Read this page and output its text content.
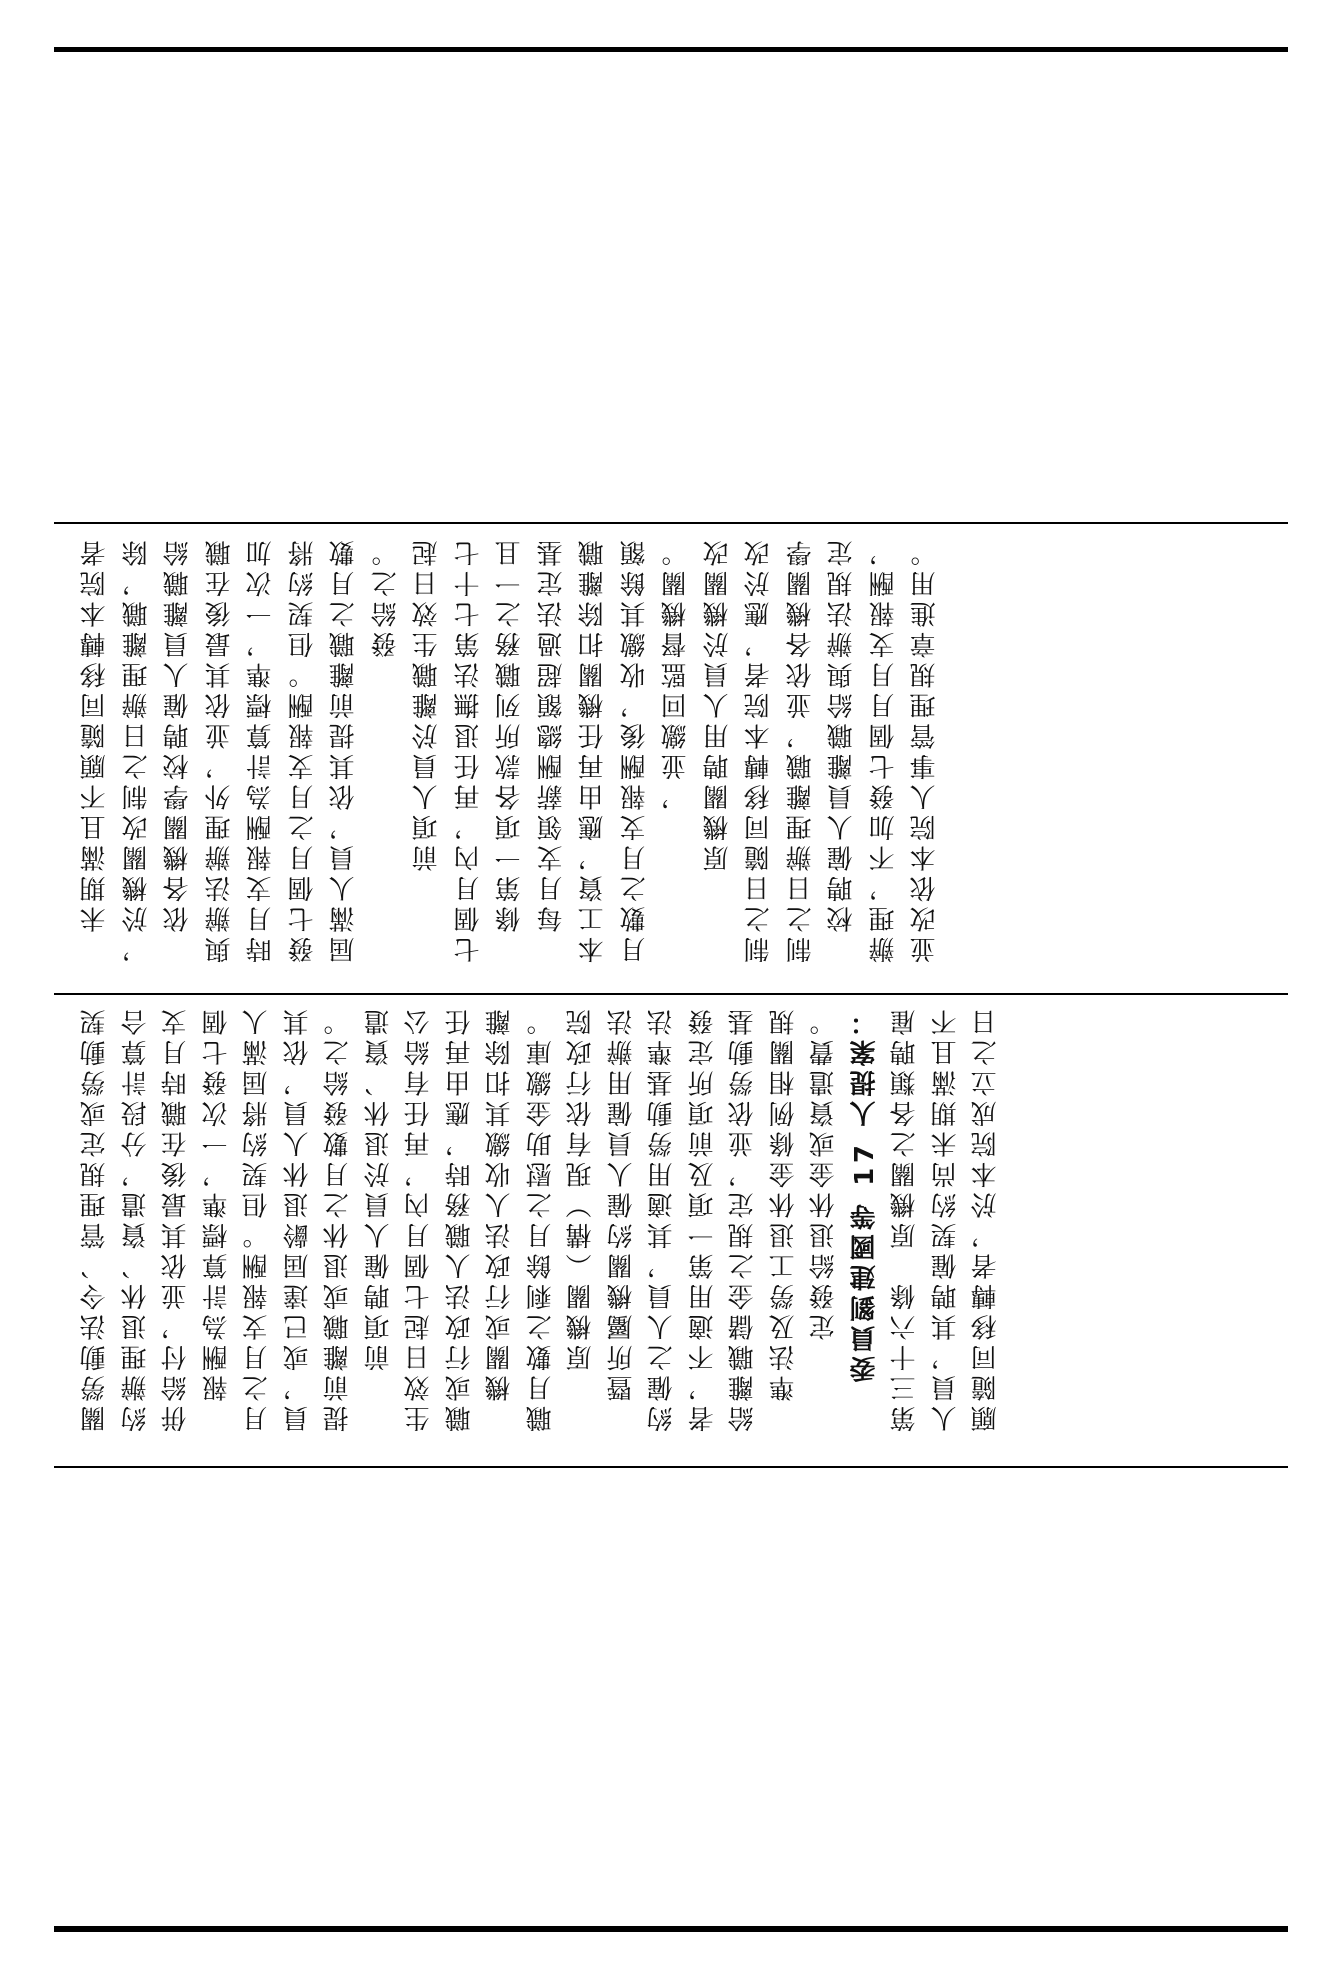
未期滿且不願隨同移轉本院者 ，於機關改制之日辦理離職，除 依各機關學校聘僱人員離職給 與辦法辦理外，並依其最後在職 時月支報酬為計算標準，一次加 發七個月之月支報酬。但契約將 屆滿人員，依其提前離職之月數 發給之。 　前項人員於離職生效日起 七個月內，再任退撫法第七十七 條第一項各款所列職務之一且 每月支領薪酬總額超過法定基 本工資，應由再任機關扣除離職 月數之月支報酬後，收繳其餘額 ，並繳回監督機關。 　原機關聘用人員於機關改 制之日隨同移轉本院者，應於改 制之日辦理離職，並依各機關學 校聘僱人員離職給與辦法規定 辦理，不加發七個月月支報酬， 並改依本院人事管理規章進用。
關勞動法令、管理規定或勞動契 約辦理退休、資遣，分段計算合 併給付，並依其最後在職時月支 報酬為計算標準，一次發七個 月之月支報酬。但契約將屆滿人 員，或已達屆齡退休人員，依其 提前離職或退休之月數發給之。 　前項聘僱人員於退休、資遣 生效日起七個月內，再任有給公 職或行政法人職務時，應由再任 機關或行政法人收繳其扣除離 職月數之剩餘月之慰助金繳庫。 　原機關（構）現有依行政院 暨所屬機關約僱人員僱用辦法 約僱之人員，其適用勞動基準法 者，不適用第一項及前項所定發 給離職儲金之規定，並依勞動基 準法及勞工退休金條例相關規 定發給退休金或資遣費。 委員劉建國等 17 人提案： 第三十六條　原機關之各類聘雇 人員，其聘僱契約尚未期滿且不 願隨同移轉者，於本院成立之日
